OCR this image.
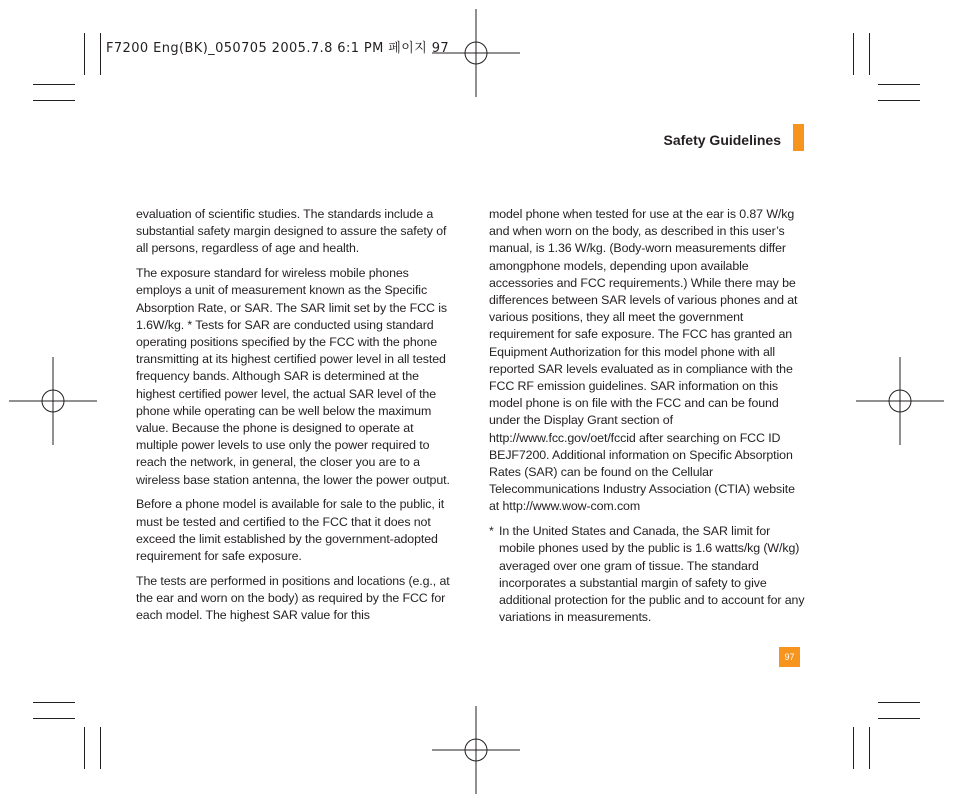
F7200 Eng(BK)_050705 2005.7.8 6:1 PM 페이지 97
Safety Guidelines

evaluation of scientific studies. The standards include a substantial safety margin designed to assure the safety of all persons, regardless of age and health.

The exposure standard for wireless mobile phones employs a unit of measurement known as the Specific Absorption Rate, or SAR. The SAR limit set by the FCC is 1.6W/kg. * Tests for SAR are conducted using standard operating positions specified by the FCC with the phone transmitting at its highest certified power level in all tested frequency bands. Although SAR is determined at the highest certified power level, the actual SAR level of the phone while operating can be well below the maximum value. Because the phone is designed to operate at multiple power levels to use only the power required to reach the network, in general, the closer you are to a wireless base station antenna, the lower the power output.

Before a phone model is available for sale to the public, it must be tested and certified to the FCC that it does not exceed the limit established by the government-adopted requirement for safe exposure.

The tests are performed in positions and locations (e.g., at the ear and worn on the body) as required by the FCC for each model. The highest SAR value for this

model phone when tested for use at the ear is 0.87 W/kg and when worn on the body, as described in this user’s manual, is 1.36 W/kg. (Body-worn measurements differ amongphone models, depending upon available accessories and FCC requirements.) While there may be differences between SAR levels of various phones and at various positions, they all meet the government requirement for safe exposure. The FCC has granted an Equipment Authorization for this model phone with all reported SAR levels evaluated as in compliance with the FCC RF emission guidelines. SAR information on this model phone is on file with the FCC and can be found under the Display Grant section of http://www.fcc.gov/oet/fccid after searching on FCC ID BEJF7200. Additional information on Specific Absorption Rates (SAR) can be found on the Cellular Telecommunications Industry Association (CTIA) website at http://www.wow-com.com

* In the United States and Canada, the SAR limit for mobile phones used by the public is 1.6 watts/kg (W/kg) averaged over one gram of tissue. The standard incorporates a substantial margin of safety to give additional protection for the public and to account for any variations in measurements.
97
